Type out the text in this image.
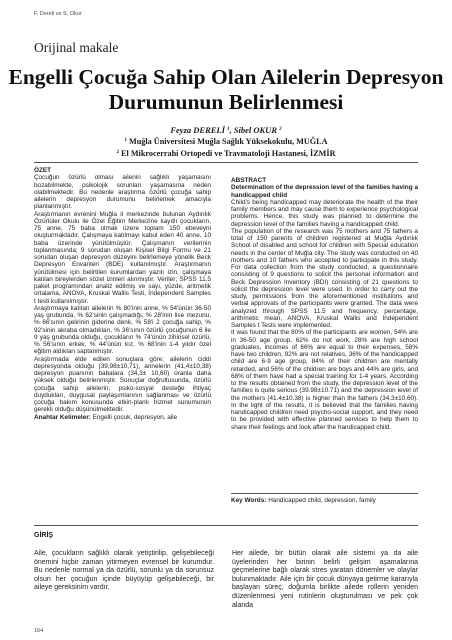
F. Dereli ve S. Okur
Orijinal makale
Engelli Çocuğa Sahip Olan Ailelerin Depresyon
Durumunun Belirlenmesi
Feyza DERELİ $^1$, Sibel OKUR $^2$
$^1$ Muğla Üniversitesi Muğla Sağlık Yüksekokulu, MUĞLA
$^2$ El Mikrocerrahi Ortopedi ve Travmatoloji Hastanesi, İZMİR

ÖZET

Çocuğun özürlü olması ailenin sağlıklı yaşamasını bozabilmekte, psikolojik sorunları yaşamasına neden olabilmektedir. Bu nedenle araştırma özürlü çocuğa sahip ailelerin depresyon durumunu belirlemek amacıyla planlanmıştır.

Araştırmanın evrenini Muğla il merkezinde bulunan Aydınlık Özürlüler Okulu ile Özel Eğitim Merkezine kayıtlı çocukların, 75 anne, 75 baba olmak üzere toplam 150 ebeveyni oluşturmaktadır. Çalışmaya katılmayı kabul eden 40 anne, 10 baba üzerinde yürütülmüştür. Çalışmanın verilerinin toplanmasında; 9 sorudan oluşan Kişisel Bilgi Formu ve 21 sorudan oluşan depresyon düzeyini belirlemeye yönelik Beck Depresyon Envanteri (BDE) kullanılmıştır. Araştırmanın yürütülmesi için belirtilen kurumlardan yazılı izin, çalışmaya katılan bireylerden sözel izinleri alınmıştır. Veriler; SPSS 11.5 paket programından analiz edilmiş ve sayı, yüzde, aritmetik ortalama, ANOVA, Kruskal Wallis Testi, İndependent Samples t testi kullanılmıştır.

Araştırmaya katılan ailelerin % 80'inin anne, % 54'ünün 36-50 yaş grubunda, % 62'sinin çalışmadığı, % 28'inin lise mezunu, % 66'sının gelirinin giderine denk, % 58'i 2 çocuğa sahip, % 92'sinin akraba olmadıkları, % 36'sının özürlü çocuğunun 6 ile 9 yaş grubunda olduğu, çocukların % 74'ünün zihinsel özürlü, % 56'sının erkek, % 44'ünün kız, % 68'inin 1-4 yıldır özel eğitim aldıkları saptanmıştır.

Araştırmada elde edilen sonuçlara göre; ailelerin ciddi depresyonda olduğu (39,98±10,71), annelerin (41,4±10,38) depresyon puanının babalara (34,3± 10,60) oranla daha yüksek olduğu belirlenmiştir. Sonuçlar doğrultusunda, özürlü çocuğa sahip ailelerin; psiko-sosyal desteğe ihtiyaç duydukları, duygusal paylaşımlarının sağlanması ve özürlü çocuğa bakım konusunda etkin-planlı hizmet sunumunun gerekli olduğu düşünülmektedir.

Anahtar Kelimeler: Engelli çocuk, depresyon, aile

ABSTRACT

Determination of the depression level of the families having a handicapped child

Child's being handicapped may deteriorate the health of the their family members and may cause them to experience psychological problems. Hence, this study was planned to determine the depression level of the families having a handicapped child.

The population of the research was 75 mothers and 75 fathers a total of 150 parents of children registered at Muğla Aydınlık School of disabled and school for children with Special education needs in the center of Muğla city. The study was conducted on 40 mothers and 10 fathers who accepted to participate in this study. For data collection from the study conducted, a questionnaire consisting of 9 questions to solicit the personal information and Beck Depression Inventory (BDI) consisting of 21 questions to solicit the depression level were used. In order to carry out the study, permissions from the aforementioned institutions and verbal approvals of the participants were granted. The data were analyzed through SPSS 11.5 and frequency, percentage, arithmetic mean, ANOVA, Kruskal Wallis and Independent Samples t Tests were implemented.

It was found that the 80% of the participants are women, 54% are in 36-50 age group, 62% do not work, 28% are high school graduates, incomes of 66% are equal to their expenses, 58% have two children, 92% are not relatives, 36% of the handicapped child are 6-9 age group, 84% of their children are mentally retarded, and 56% of the children are boys and 44% are girls, and 68% of them have had a special training for 1-4 years. According to the results obtained from the study, the depression level of the families is quite serious (39.98±10.71) and the depression level of the mothers (41.4±10.38) is higher than the fathers (34.3±10.60). In the light of the results, it is believed that the families having handicapped children need psycho-social support, and they need to be provided with effective planned services to help them to share their feelings and look after the handicapped child.

Key Words: Handicapped child, depression, family

GİRİŞ

Aile, çocukların sağlıklı olarak yetiştirilip, gelişebileceği önemini hiçbir zaman yitirmeyen evrensel bir kurumdur. Bu nedenle normal ya da özürlü, sorunlu ya da sorunsuz olsun her çocuğun içinde büyüyüp gelişebileceği, bir aileye gereksinim vardır.

Her ailede, bir bütün olarak aile sistemi ya da aile üyelerinden her birinin belirli gelişim aşamalarına geçmelerine bağlı olarak stres yaratan dönemler ve olaylar bulunmaktadır. Aile için bir çocuk dünyaya getirme kararıyla başlayan süreç, doğumla birlikte ailede rollerin yeniden düzenlenmesi yeni rutinlerin oluşturulması ve pek çok alanda

164
